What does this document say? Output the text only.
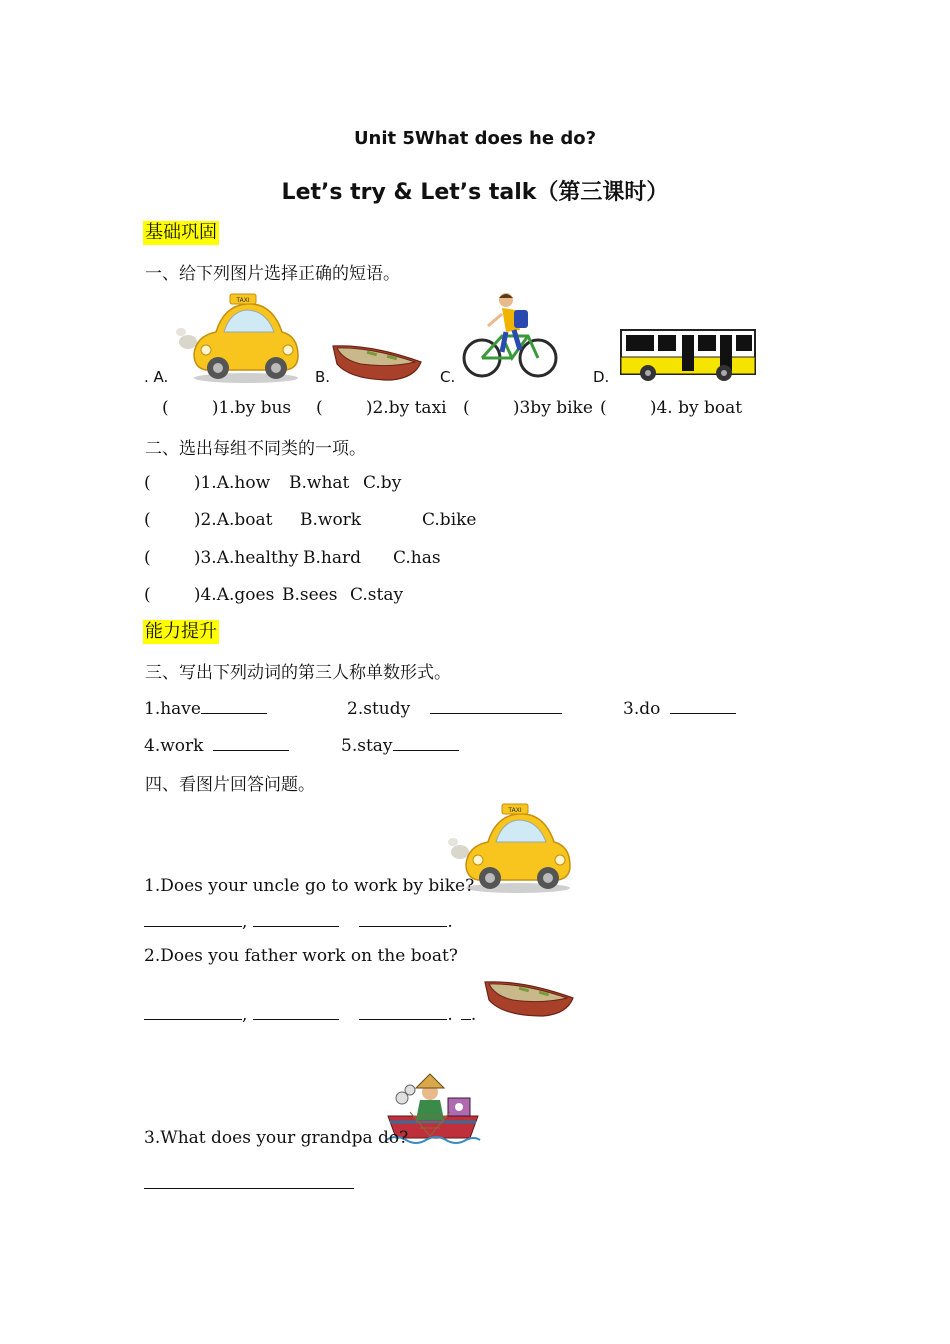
Unit 5What does he do?
Let’s try & Let’s talk（第三课时）
基础巩固
一、给下列图片选择正确的短语。
TAXI
. A.	B.	C.	D.
(        )1.by bus (        )2.by taxi (        )3by bike (        )4. by boat
二、选出每组不同类的一项。
(        )1.A.how B.what C.by
(        )2.A.boat B.work	C.bike
(        )3.A.healthy B.hard C.has
(        )4.A.goes B.sees C.stay
能力提升
三、写出下列动词的第三人称单数形式。
1.have	2.study	3.do
4.work	5.stay
四、看图片回答问题。
TAXI
1.Does your uncle go to work by bike?
,	.
2.Does you father work on the boat?
,	. .
3.What does your grandpa do?
